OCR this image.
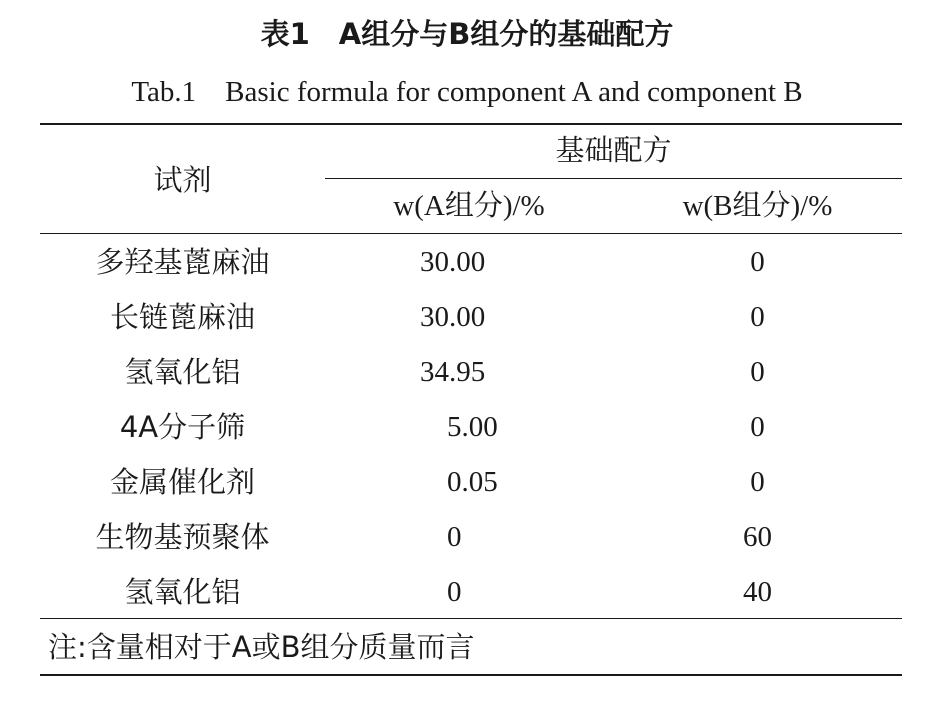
表1　A组分与B组分的基础配方
Tab.1　Basic formula for component A and component B
试剂
基础配方
w(A组分)/%	w(B组分)/%
多羟基蓖麻油	30.00	0
长链蓖麻油	30.00	0
氢氧化铝	34.95	0
4A分子筛	5.00	0
金属催化剂	0.05	0
生物基预聚体	0	60
氢氧化铝	0	40
注:含量相对于A或B组分质量而言
